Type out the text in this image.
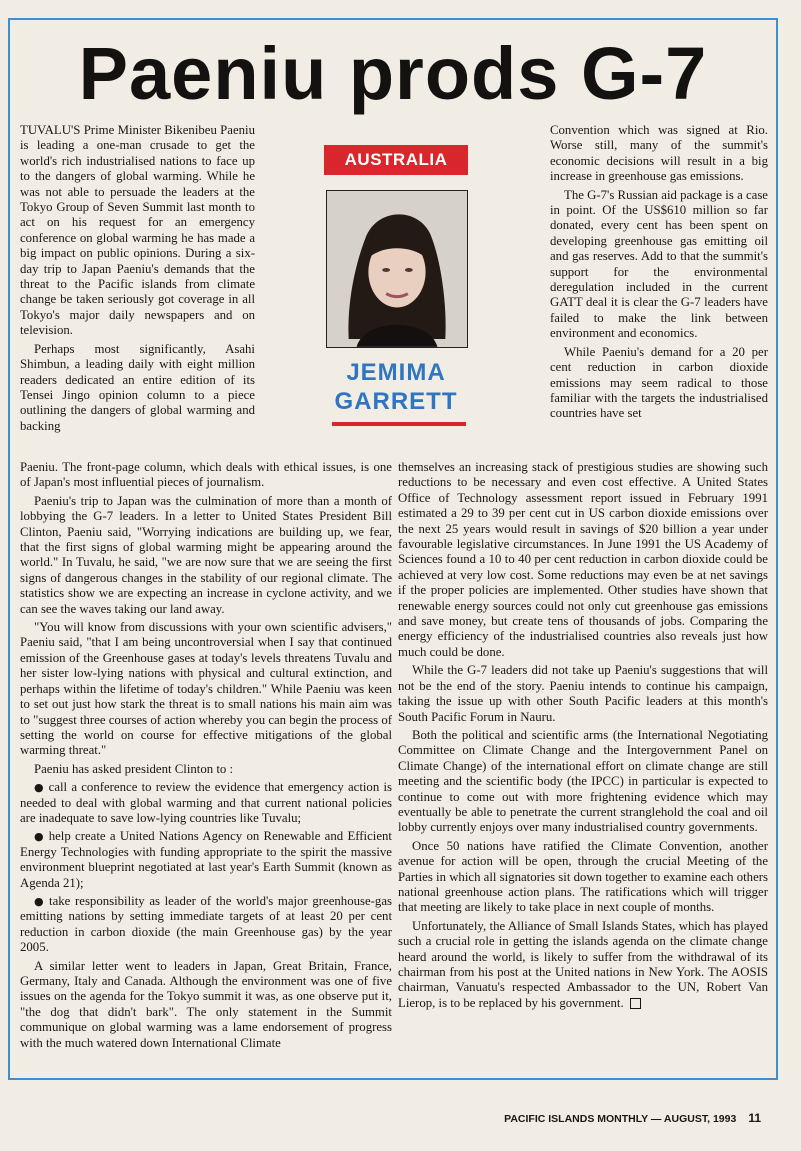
Paeniu prods G-7

TUVALU'S Prime Minister Bikenibeu Paeniu is leading a one-man crusade to get the world's rich industrialised nations to face up to the dangers of global warming. While he was not able to persuade the leaders at the Tokyo Group of Seven Summit last month to act on his request for an emergency conference on global warming he has made a big impact on public opinions. During a six-day trip to Japan Paeniu's demands that the threat to the Pacific islands from climate change be taken seriously got coverage in all Tokyo's major daily newspapers and on television.

Perhaps most significantly, Asahi Shimbun, a leading daily with eight million readers dedicated an entire edition of its Tensei Jingo opinion column to a piece outlining the dangers of global warming and backing

AUSTRALIA
JEMIMA
GARRETT

Convention which was signed at Rio. Worse still, many of the summit's economic decisions will result in a big increase in greenhouse gas emissions.

The G-7's Russian aid package is a case in point. Of the US$610 million so far donated, every cent has been spent on developing greenhouse gas emitting oil and gas reserves. Add to that the summit's support for the environmental deregulation included in the current GATT deal it is clear the G-7 leaders have failed to make the link between environment and economics.

While Paeniu's demand for a 20 per cent reduction in carbon dioxide emissions may seem radical to those familiar with the targets the industrialised countries have set

Paeniu. The front-page column, which deals with ethical issues, is one of Japan's most influential pieces of journalism.

Paeniu's trip to Japan was the culmination of more than a month of lobbying the G-7 leaders. In a letter to United States President Bill Clinton, Paeniu said, "Worrying indications are building up, we fear, that the first signs of global warming might be appearing around the world." In Tuvalu, he said, "we are now sure that we are seeing the first signs of dangerous changes in the stability of our regional climate. The statistics show we are expecting an increase in cyclone activity, and we can see the waves taking our land away.

"You will know from discussions with your own scientific advisers," Paeniu said, "that I am being uncontroversial when I say that continued emission of the Greenhouse gases at today's levels threatens Tuvalu and her sister low-lying nations with physical and cultural extinction, and perhaps within the lifetime of today's children." While Paeniu was keen to set out just how stark the threat is to small nations his main aim was to "suggest three courses of action whereby you can begin the process of setting the world on course for effective mitigations of the global warming threat."

Paeniu has asked president Clinton to :

● call a conference to review the evidence that emergency action is needed to deal with global warming and that current national policies are inadequate to save low-lying countries like Tuvalu;

● help create a United Nations Agency on Renewable and Efficient Energy Technologies with funding appropriate to the spirit the massive environment blueprint negotiated at last year's Earth Summit (known as Agenda 21);

● take responsibility as leader of the world's major greenhouse-gas emitting nations by setting immediate targets of at least 20 per cent reduction in carbon dioxide (the main Greenhouse gas) by the year 2005.

A similar letter went to leaders in Japan, Great Britain, France, Germany, Italy and Canada. Although the environment was one of five issues on the agenda for the Tokyo summit it was, as one observe put it, "the dog that didn't bark". The only statement in the Summit communique on global warming was a lame endorsement of progress with the much watered down International Climate

themselves an increasing stack of prestigious studies are showing such reductions to be necessary and even cost effective. A United States Office of Technology assessment report issued in February 1991 estimated a 29 to 39 per cent cut in US carbon dioxide emissions over the next 25 years would result in savings of $20 billion a year under favourable legislative circumstances. In June 1991 the US Academy of Sciences found a 10 to 40 per cent reduction in carbon dioxide could be achieved at very low cost. Some reductions may even be at net savings if the proper policies are implemented. Other studies have shown that renewable energy sources could not only cut greenhouse gas emissions and save money, but create tens of thousands of jobs. Comparing the energy efficiency of the industrialised countries also reveals just how much could be done.

While the G-7 leaders did not take up Paeniu's suggestions that will not be the end of the story. Paeniu intends to continue his campaign, taking the issue up with other South Pacific leaders at this month's South Pacific Forum in Nauru.

Both the political and scientific arms (the International Negotiating Committee on Climate Change and the Intergovernment Panel on Climate Change) of the international effort on climate change are still meeting and the scientific body (the IPCC) in particular is expected to continue to come out with more frightening evidence which may eventually be able to penetrate the current stranglehold the coal and oil lobby currently enjoys over many industrialised country governments.

Once 50 nations have ratified the Climate Convention, another avenue for action will be open, through the crucial Meeting of the Parties in which all signatories sit down together to examine each others national greenhouse action plans. The ratifications which will trigger that meeting are likely to take place in next couple of months.

Unfortunately, the Alliance of Small Islands States, which has played such a crucial role in getting the islands agenda on the climate change heard around the world, is likely to suffer from the withdrawal of its chairman from his post at the United nations in New York. The AOSIS chairman, Vanuatu's respected Ambassador to the UN, Robert Van Lierop, is to be replaced by his government.

PACIFIC ISLANDS MONTHLY — AUGUST, 1993 11
